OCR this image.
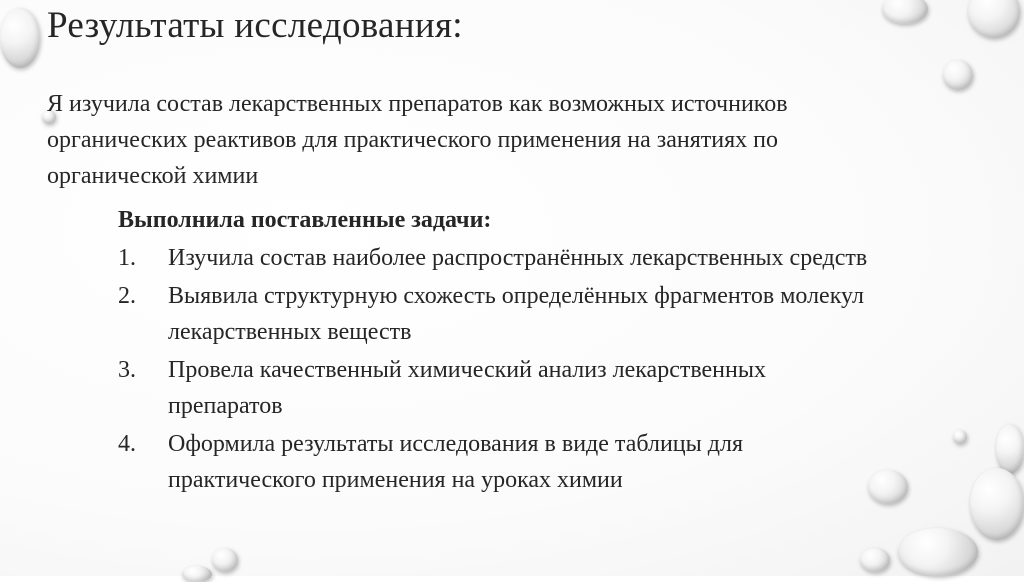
Результаты исследования:
Я изучила состав лекарственных препаратов как возможных источников органических реактивов для практического применения на занятиях по органической химии
Выполнила поставленные задачи:
1.	Изучила состав наиболее распространённых лекарственных средств
2.	Выявила структурную схожесть определённых фрагментов молекул лекарственных веществ
3.	Провела качественный химический анализ лекарственных препаратов
4.	Оформила результаты исследования в виде таблицы для практического применения на уроках химии
